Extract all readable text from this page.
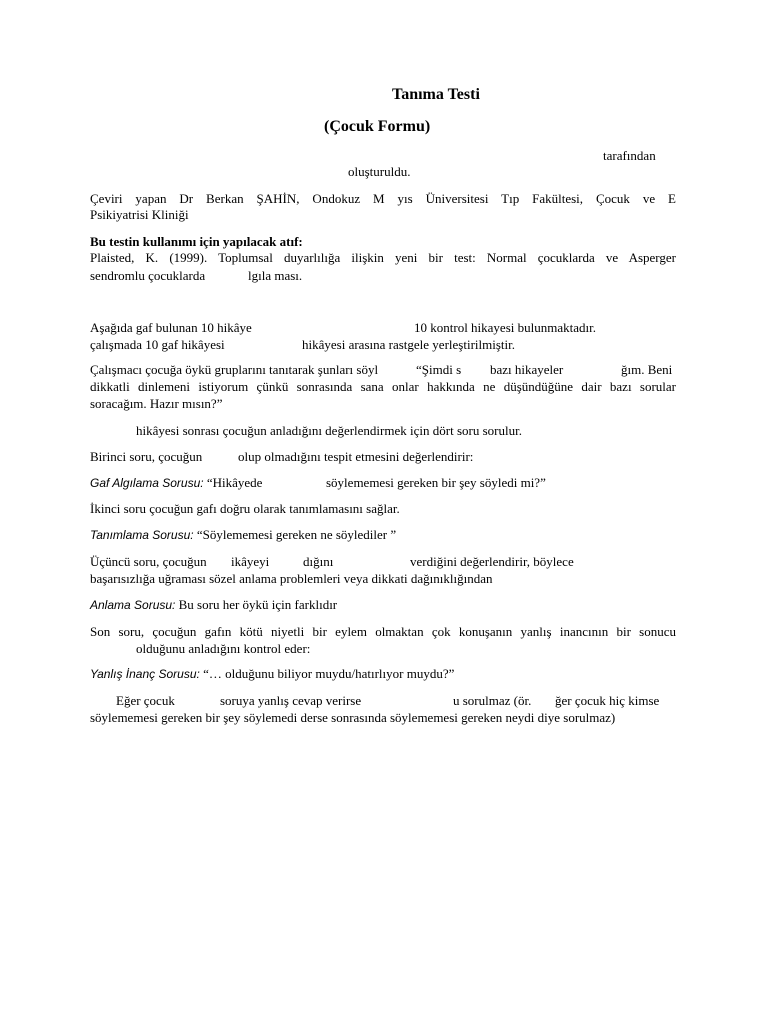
Tanıma Testi
(Çocuk Formu)
tarafından
oluşturuldu.
Çeviri yapan Dr Berkan ŞAHİN, Ondokuz M yıs Üniversitesi Tıp Fakültesi, Çocuk ve E
Psikiyatrisi Kliniği
Bu testin kullanımı için yapılacak atıf:
Plaisted, K. (1999). Toplumsal duyarlılığa ilişkin yeni bir test: Normal çocuklarda ve Asperger
sendromlu çocuklarda	lgıla ması.
Aşağıda gaf bulunan 10 hikâye	10 kontrol hikayesi bulunmaktadır.
çalışmada 10 gaf hikâyesi	hikâyesi arasına rastgele yerleştirilmiştir.
Çalışmacı çocuğa öykü gruplarını tanıtarak şunları söyl	“Şimdi s bazı hikayeler	ğım. Beni
dikkatli dinlemeni istiyorum çünkü sonrasında sana onlar hakkında ne düşündüğüne dair bazı sorular
soracağım. Hazır mısın?”
hikâyesi sonrası çocuğun anladığını değerlendirmek için dört soru sorulur.
Birinci soru, çocuğun	olup olmadığını tespit etmesini değerlendirir:
Gaf Algılama Sorusu: “Hikâyede	söylememesi gereken bir şey söyledi mi?”
İkinci soru çocuğun gafı doğru olarak tanımlamasını sağlar.
Tanımlama Sorusu: “Söylememesi gereken ne söylediler ”
Üçüncü soru, çocuğun ikâyeyi	dığını	verdiğini değerlendirir, böylece
başarısızlığa uğraması sözel anlama problemleri veya dikkati dağınıklığından
Anlama Sorusu: Bu soru her öykü için farklıdır
Son soru, çocuğun gafın kötü niyetli bir eylem olmaktan çok konuşanın yanlış inancının bir sonucu
olduğunu anladığını kontrol eder:
Yanlış İnanç Sorusu: “… olduğunu biliyor muydu/hatırlıyor muydu?”
Eğer çocuk	soruya yanlış cevap verirse	u sorulmaz (ör. ğer çocuk hiç kimse
söylememesi gereken bir şey söylemedi derse sonrasında söylememesi gereken neydi diye sorulmaz)
